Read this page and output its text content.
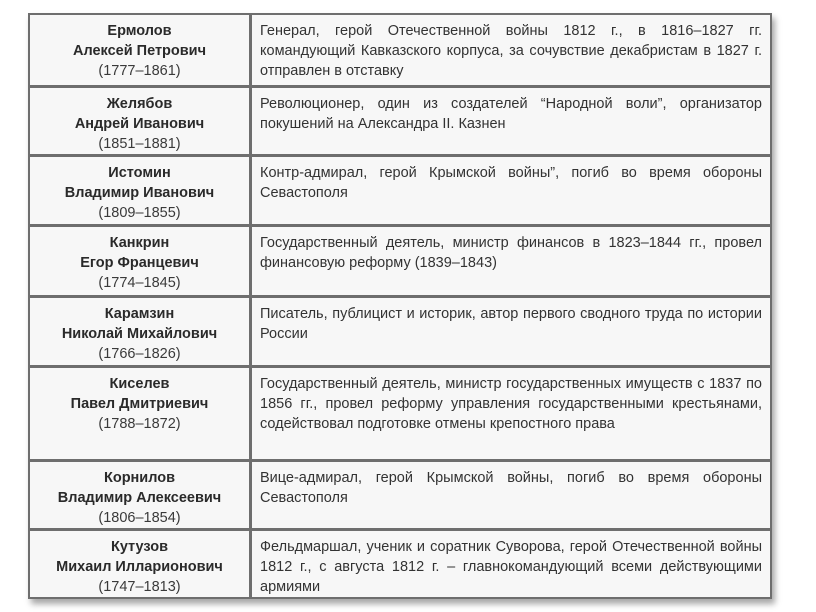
Ермолов
Алексей Петрович
(1777–1861)
Генерал, герой Отечественной войны 1812 г., в 1816–1827 гг. командующий Кавказского корпуса, за сочувствие декабристам в 1827 г. отправлен в отставку
Желябов
Андрей Иванович
(1851–1881)
Революционер, один из создателей “Народной воли”, организатор покушений на Александра II. Казнен
Истомин
Владимир Иванович
(1809–1855)
Контр-адмирал, герой Крымской войны”, погиб во время обороны Севастополя
Канкрин
Егор Францевич
(1774–1845)
Государственный деятель, министр финансов в 1823–1844 гг., провел финансовую реформу (1839–1843)
Карамзин
Николай Михайлович
(1766–1826)
Писатель, публицист и историк, автор первого сводного труда по истории России
Киселев
Павел Дмитриевич
(1788–1872)
Государственный деятель, министр государственных имуществ с 1837 по 1856 гг., провел реформу управления государственными крестьянами, содействовал подготовке отмены крепостного права
Корнилов
Владимир Алексеевич
(1806–1854)
Вице-адмирал, герой Крымской войны, погиб во время обороны Севастополя
Кутузов
Михаил Илларионович
(1747–1813)
Фельдмаршал, ученик и соратник Суворова, герой Отечественной войны 1812 г., с августа 1812 г. – главнокомандующий всеми действующими армиями
